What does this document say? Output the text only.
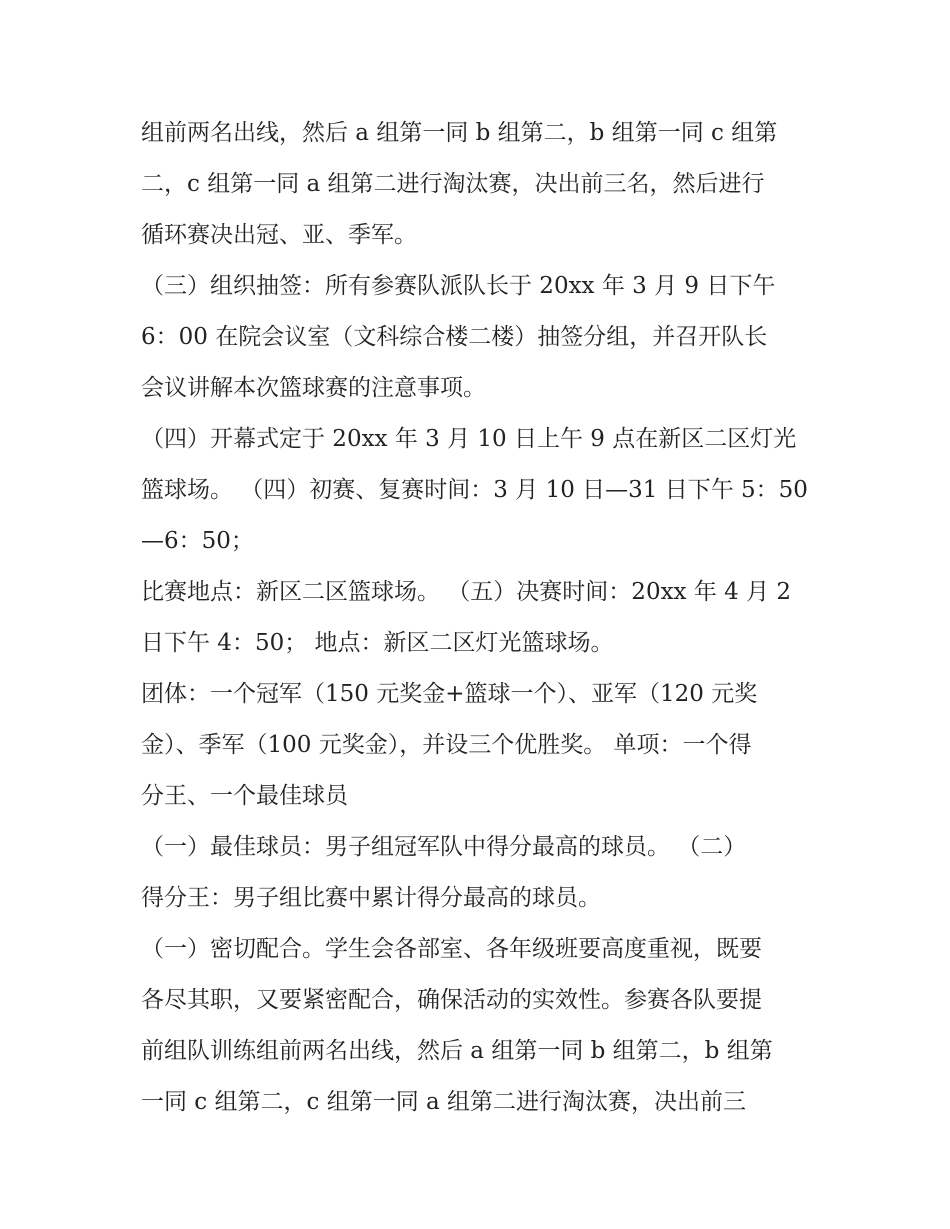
组前两名出线，然后 a 组第一同 b 组第二，b 组第一同 c 组第
二，c 组第一同 a 组第二进行淘汰赛，决出前三名，然后进行
循环赛决出冠、亚、季军。
（三）组织抽签：所有参赛队派队长于 20xx 年 3 月 9 日下午
6：00 在院会议室（文科综合楼二楼）抽签分组，并召开队长
会议讲解本次篮球赛的注意事项。
（四）开幕式定于 20xx 年 3 月 10 日上午 9 点在新区二区灯光
篮球场。 （四）初赛、复赛时间：3 月 10 日—31 日下午 5：50
—6：50；
比赛地点：新区二区篮球场。 （五）决赛时间：20xx 年 4 月 2
日下午 4：50； 地点：新区二区灯光篮球场。
团体：一个冠军（150 元奖金+篮球一个）、亚军（120 元奖
金）、季军（100 元奖金），并设三个优胜奖。 单项：一个得
分王、一个最佳球员
（一）最佳球员：男子组冠军队中得分最高的球员。 （二）
得分王：男子组比赛中累计得分最高的球员。
（一）密切配合。学生会各部室、各年级班要高度重视，既要
各尽其职，又要紧密配合，确保活动的实效性。参赛各队要提
前组队训练组前两名出线，然后 a 组第一同 b 组第二，b 组第
一同 c 组第二，c 组第一同 a 组第二进行淘汰赛，决出前三
